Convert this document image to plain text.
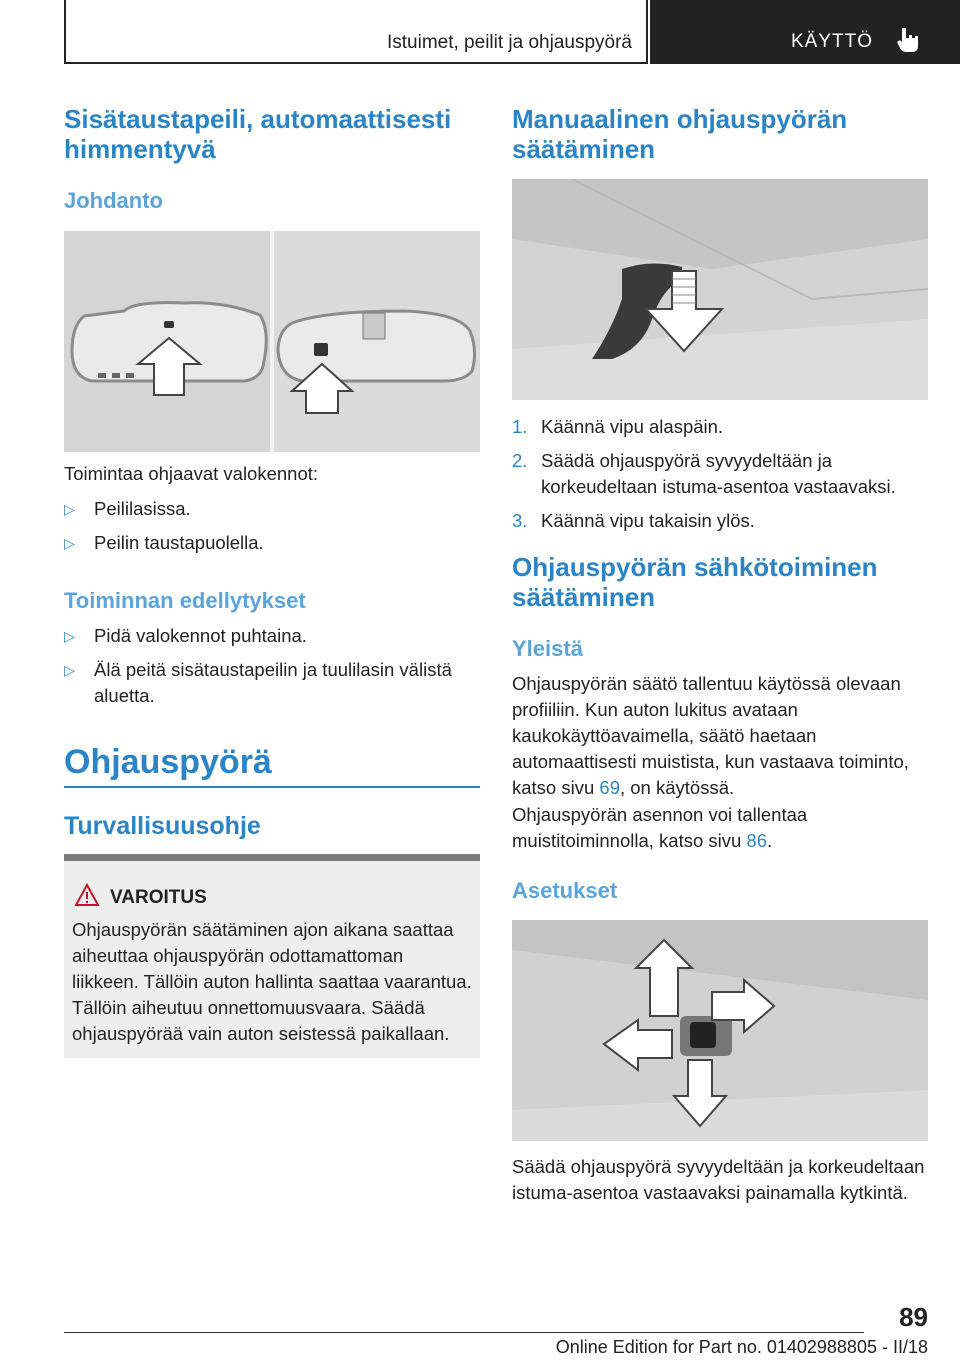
Istuimet, peilit ja ohjauspyörä	KÄYTTÖ
Sisätaustapeili, automaattisesti himmentyvä
Johdanto
Toimintaa ohjaavat valokennot:
▷ Peililasissa.
▷ Peilin taustapuolella.
Toiminnan edellytykset
▷ Pidä valokennot puhtaina.
▷ Älä peitä sisätaustapeilin ja tuulilasin välistä aluetta.
Ohjauspyörä
Turvallisuusohje
VAROITUS
Ohjauspyörän säätäminen ajon aikana saattaa aiheuttaa ohjauspyörän odottamattoman liikkeen. Tällöin auton hallinta saattaa vaarantua. Tällöin aiheutuu onnettomuusvaara. Säädä ohjauspyörää vain auton seistessä paikallaan.
Manuaalinen ohjauspyörän säätäminen
1. Käännä vipu alaspäin.
2. Säädä ohjauspyörä syvyydeltään ja korkeudeltaan istuma-asentoa vastaavaksi.
3. Käännä vipu takaisin ylös.
Ohjauspyörän sähkötoiminen säätäminen
Yleistä
Ohjauspyörän säätö tallentuu käytössä olevaan profiiliin. Kun auton lukitus avataan kaukokäyttöavaimella, säätö haetaan automaattisesti muistista, kun vastaava toiminto, katso sivu 69, on käytössä.
Ohjauspyörän asennon voi tallentaa muistitoiminnolla, katso sivu 86.
Asetukset
Säädä ohjauspyörä syvyydeltään ja korkeudeltaan istuma-asentoa vastaavaksi painamalla kytkintä.
89
Online Edition for Part no. 01402988805 - II/18
